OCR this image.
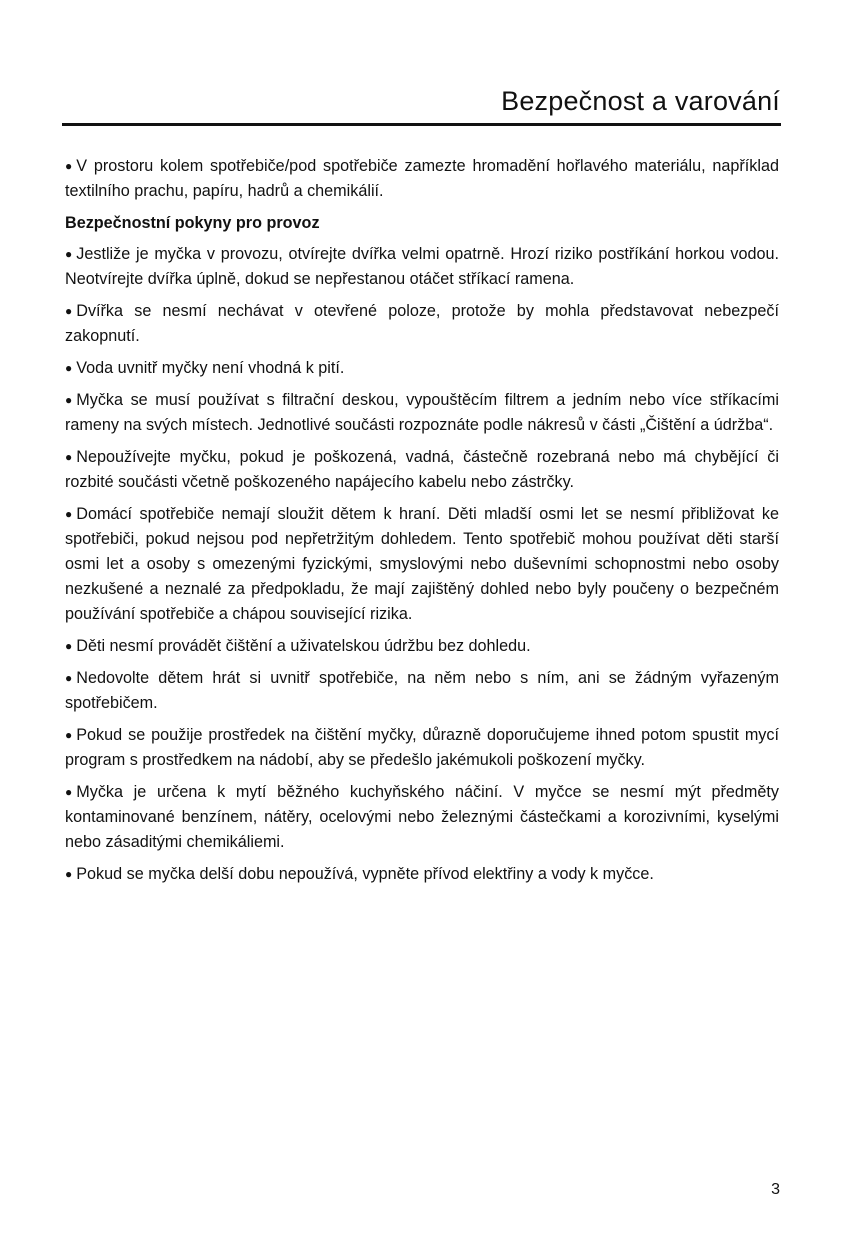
Bezpečnost a varování

● V prostoru kolem spotřebiče/pod spotřebiče zamezte hromadění hořlavého materiálu, například textilního prachu, papíru, hadrů a chemikálií.

Bezpečnostní pokyny pro provoz

● Jestliže je myčka v provozu, otvírejte dvířka velmi opatrně. Hrozí riziko postříkání horkou vodou. Neotvírejte dvířka úplně, dokud se nepřestanou otáčet stříkací ramena.

● Dvířka se nesmí nechávat v otevřené poloze, protože by mohla představovat nebezpečí zakopnutí.

● Voda uvnitř myčky není vhodná k pití.

● Myčka se musí používat s filtrační deskou, vypouštěcím filtrem a jedním nebo více stříkacími rameny na svých místech. Jednotlivé součásti rozpoznáte podle nákresů v části „Čištění a údržba“.

● Nepoužívejte myčku, pokud je poškozená, vadná, částečně rozebraná nebo má chybějící či rozbité součásti včetně poškozeného napájecího kabelu nebo zástrčky.

● Domácí spotřebiče nemají sloužit dětem k hraní. Děti mladší osmi let se nesmí přibližovat ke spotřebiči, pokud nejsou pod nepřetržitým dohledem. Tento spotřebič mohou používat děti starší osmi let a osoby s omezenými fyzickými, smyslovými nebo duševními schopnostmi nebo osoby nezkušené a neznalé za předpokladu, že mají zajištěný dohled nebo byly poučeny o bezpečném používání spotřebiče a chápou související rizika.

● Děti nesmí provádět čištění a uživatelskou údržbu bez dohledu.

● Nedovolte dětem hrát si uvnitř spotřebiče, na něm nebo s ním, ani se žádným vyřazeným spotřebičem.

● Pokud se použije prostředek na čištění myčky, důrazně doporučujeme ihned potom spustit mycí program s prostředkem na nádobí, aby se předešlo jakémukoli poškození myčky.

● Myčka je určena k mytí běžného kuchyňského náčiní. V myčce se nesmí mýt předměty kontaminované benzínem, nátěry, ocelovými nebo železnými částečkami a korozivními, kyselými nebo zásaditými chemikáliemi.

● Pokud se myčka delší dobu nepoužívá, vypněte přívod elektřiny a vody k myčce.

3
